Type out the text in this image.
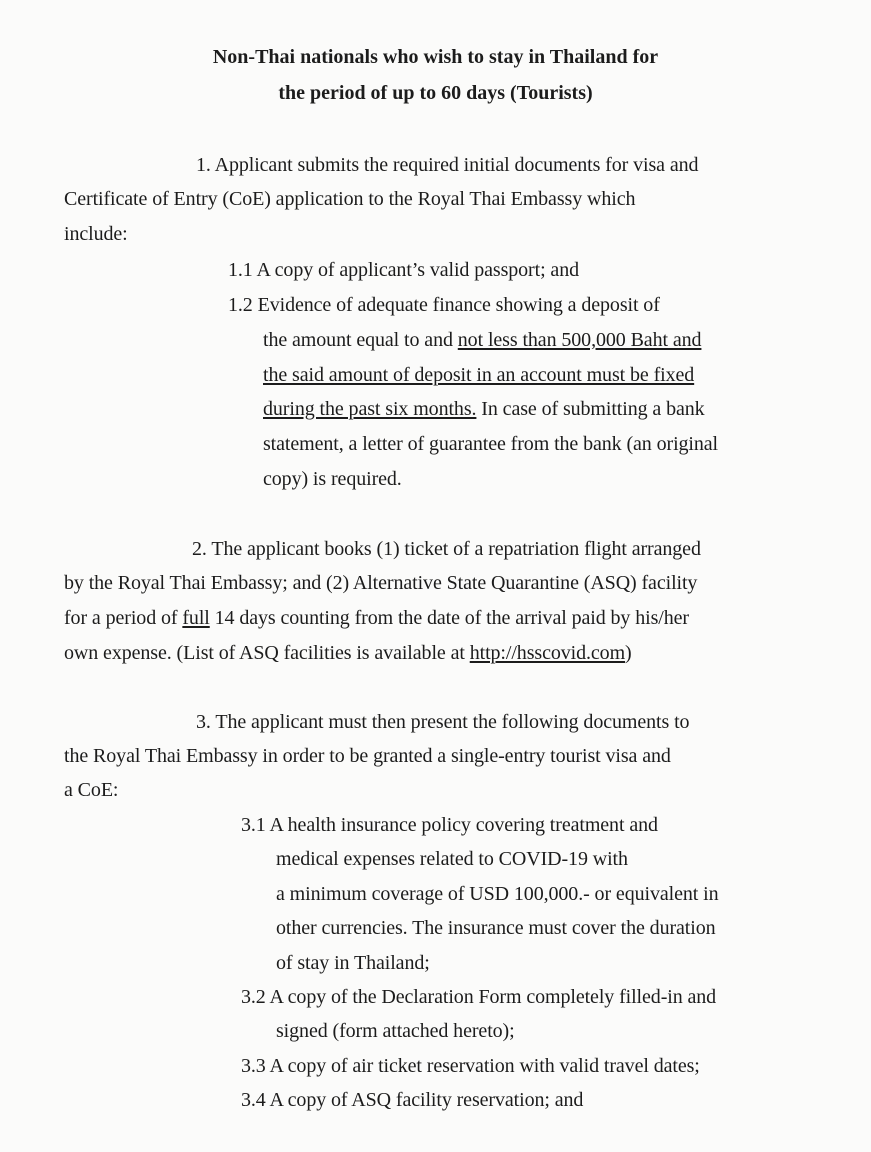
Non-Thai nationals who wish to stay in Thailand for
the period of up to 60 days (Tourists)
1. Applicant submits the required initial documents for visa and
Certificate of Entry (CoE) application to the Royal Thai Embassy which
include:
1.1 A copy of applicant’s valid passport; and
1.2 Evidence of adequate finance showing a deposit of
the amount equal to and not less than 500,000 Baht and
the said amount of deposit in an account must be fixed
during the past six months. In case of submitting a bank
statement, a letter of guarantee from the bank (an original
copy) is required.
2. The applicant books (1) ticket of a repatriation flight arranged
by the Royal Thai Embassy; and (2) Alternative State Quarantine (ASQ) facility
for a period of full 14 days counting from the date of the arrival paid by his/her
own expense. (List of ASQ facilities is available at http://hsscovid.com)
3. The applicant must then present the following documents to
the Royal Thai Embassy in order to be granted a single-entry tourist visa and
a CoE:
3.1 A health insurance policy covering treatment and
medical expenses related to COVID-19 with
a minimum coverage of USD 100,000.- or equivalent in
other currencies. The insurance must cover the duration
of stay in Thailand;
3.2 A copy of the Declaration Form completely filled-in and
signed (form attached hereto);
3.3 A copy of air ticket reservation with valid travel dates;
3.4 A copy of ASQ facility reservation; and
